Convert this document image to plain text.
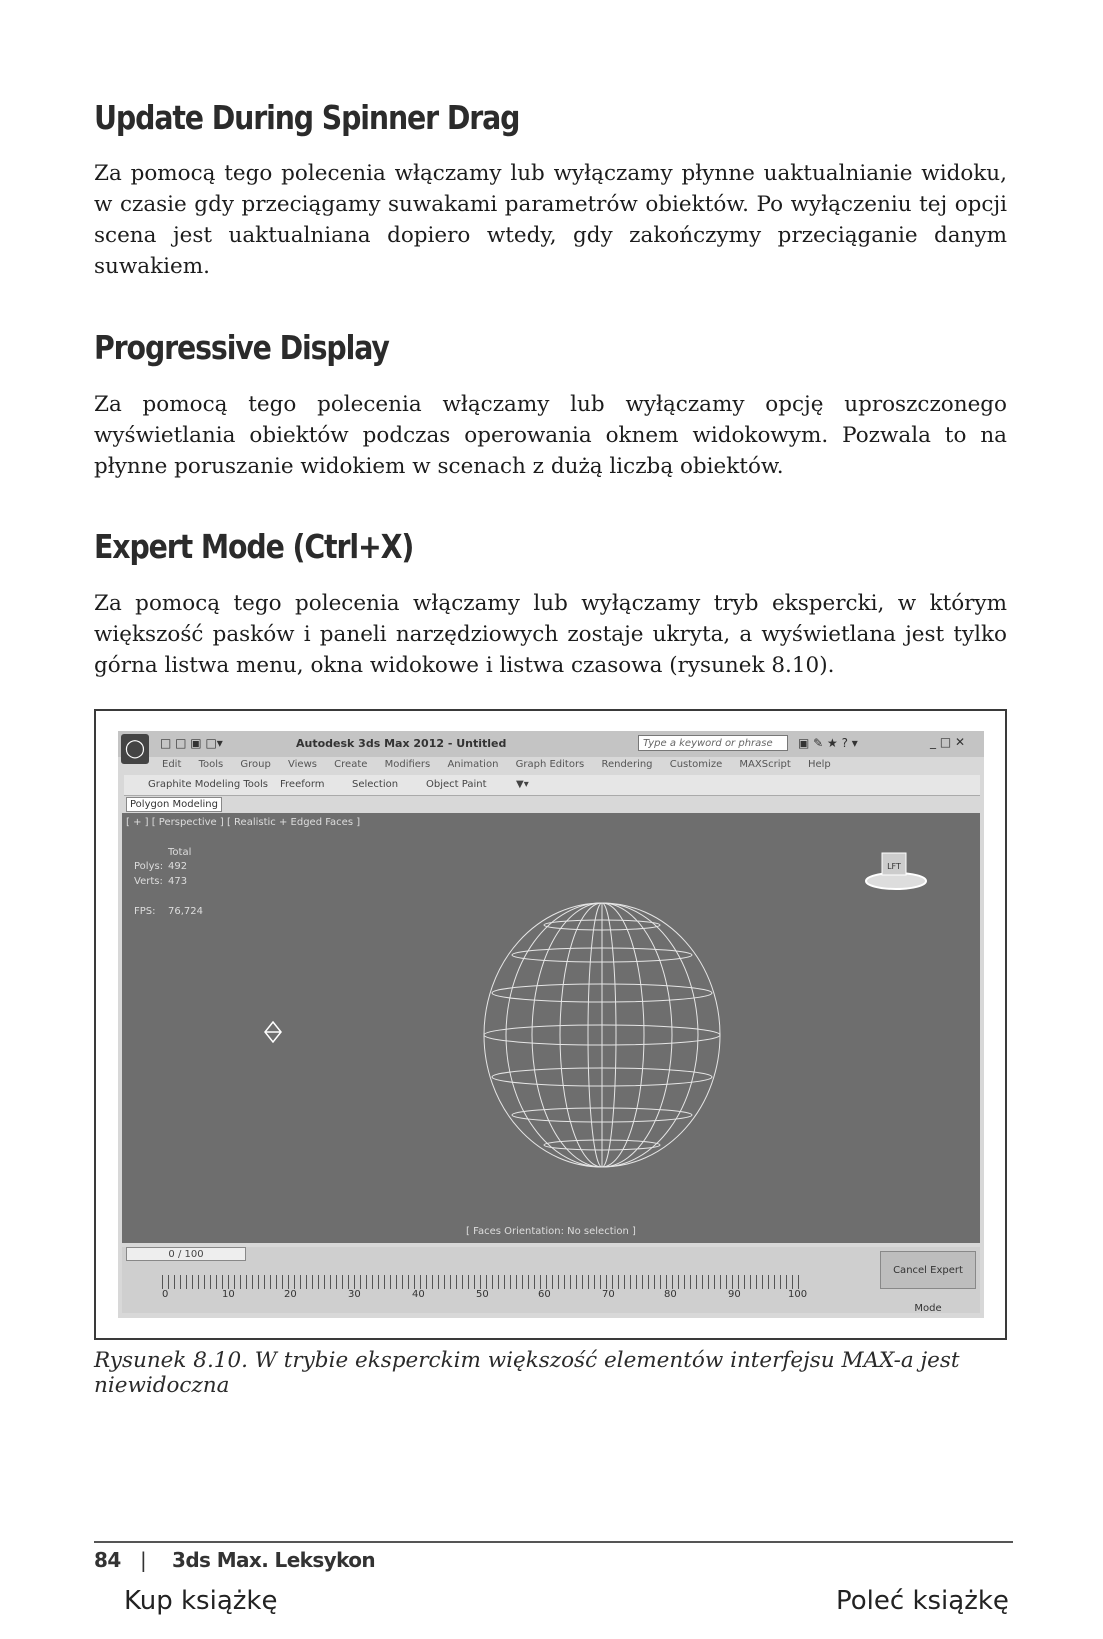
Update During Spinner Drag

Za pomocą tego polecenia włączamy lub wyłączamy płynne uaktualnianie widoku, w czasie gdy przeciągamy suwakami parametrów obiektów. Po wyłączeniu tej opcji scena jest uaktualniana dopiero wtedy, gdy zakończymy przeciąganie danym suwakiem.

Progressive Display

Za pomocą tego polecenia włączamy lub wyłączamy opcję uproszczonego wyświetlania obiektów podczas operowania oknem widokowym. Pozwala to na płynne poruszanie widokiem w scenach z dużą liczbą obiektów.

Expert Mode (Ctrl+X)

Za pomocą tego polecenia włączamy lub wyłączamy tryb ekspercki, w którym większość pasków i paneli narzędziowych zostaje ukryta, a wyświetlana jest tylko górna listwa menu, okna widokowe i listwa czasowa (rysunek 8.10).

◯	□ □ ▣ □▾	Autodesk 3ds Max 2012 - Untitled	Type a keyword or phrase	▣ ✎ ★ ? ▾	_ □ ✕
Edit Tools Group Views Create Modifiers Animation Graph Editors Rendering Customize MAXScript Help
Graphite Modeling Tools Freeform	Selection	Object Paint	▼▾
Polygon Modeling
[ + ] [ Perspective ] [ Realistic + Edged Faces ]
Total
Polys: 492
Verts: 473
FPS: 76,724
LFT
[ Faces Orientation: No selection ]
0 / 100
0	10	20	30	40	50	60	70	80	90	100
Cancel Expert Mode
Rysunek 8.10. W trybie eksperckim większość elementów interfejsu MAX-a jest niewidoczna
84 | 3ds Max. Leksykon
Kup książkę	Poleć książkę
